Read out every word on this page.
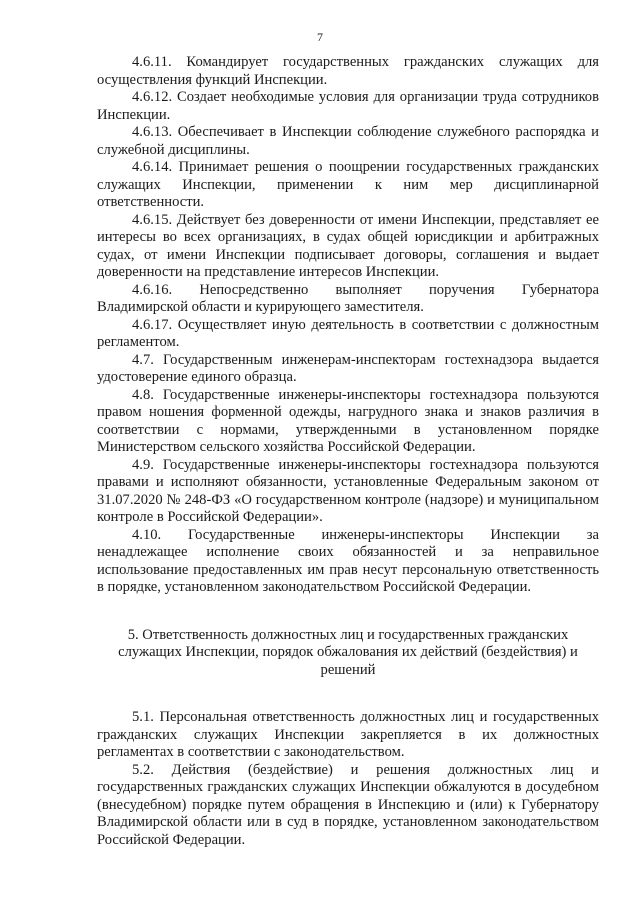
7

4.6.11. Командирует государственных гражданских служащих для осуществления функций Инспекции.

4.6.12. Создает необходимые условия для организации труда сотрудников Инспекции.

4.6.13. Обеспечивает в Инспекции соблюдение служебного распорядка и служебной дисциплины.

4.6.14. Принимает решения о поощрении государственных гражданских служащих Инспекции, применении к ним мер дисциплинарной ответственности.

4.6.15. Действует без доверенности от имени Инспекции, представляет ее интересы во всех организациях, в судах общей юрисдикции и арбитражных судах, от имени Инспекции подписывает договоры, соглашения и выдает доверенности на представление интересов Инспекции.

4.6.16. Непосредственно выполняет поручения Губернатора Владимирской области и курирующего заместителя.

4.6.17. Осуществляет иную деятельность в соответствии с должностным регламентом.

4.7. Государственным инженерам-инспекторам гостехнадзора выдается удостоверение единого образца.

4.8. Государственные инженеры-инспекторы гостехнадзора пользуются правом ношения форменной одежды, нагрудного знака и знаков различия в соответствии с нормами, утвержденными в установленном порядке Министерством сельского хозяйства Российской Федерации.

4.9. Государственные инженеры-инспекторы гостехнадзора пользуются правами и исполняют обязанности, установленные Федеральным законом от 31.07.2020 № 248-ФЗ «О государственном контроле (надзоре) и муниципальном контроле в Российской Федерации».

4.10. Государственные инженеры-инспекторы Инспекции за ненадлежащее исполнение своих обязанностей и за неправильное использование предоставленных им прав несут персональную ответственность в порядке, установленном законодательством Российской Федерации.

5. Ответственность должностных лиц и государственных гражданских служащих Инспекции, порядок обжалования их действий (бездействия) и решений

5.1. Персональная ответственность должностных лиц и государственных гражданских служащих Инспекции закрепляется в их должностных регламентах в соответствии с законодательством.

5.2. Действия (бездействие) и решения должностных лиц и государственных гражданских служащих Инспекции обжалуются в досудебном (внесудебном) порядке путем обращения в Инспекцию и (или) к Губернатору Владимирской области или в суд в порядке, установленном законодательством Российской Федерации.
